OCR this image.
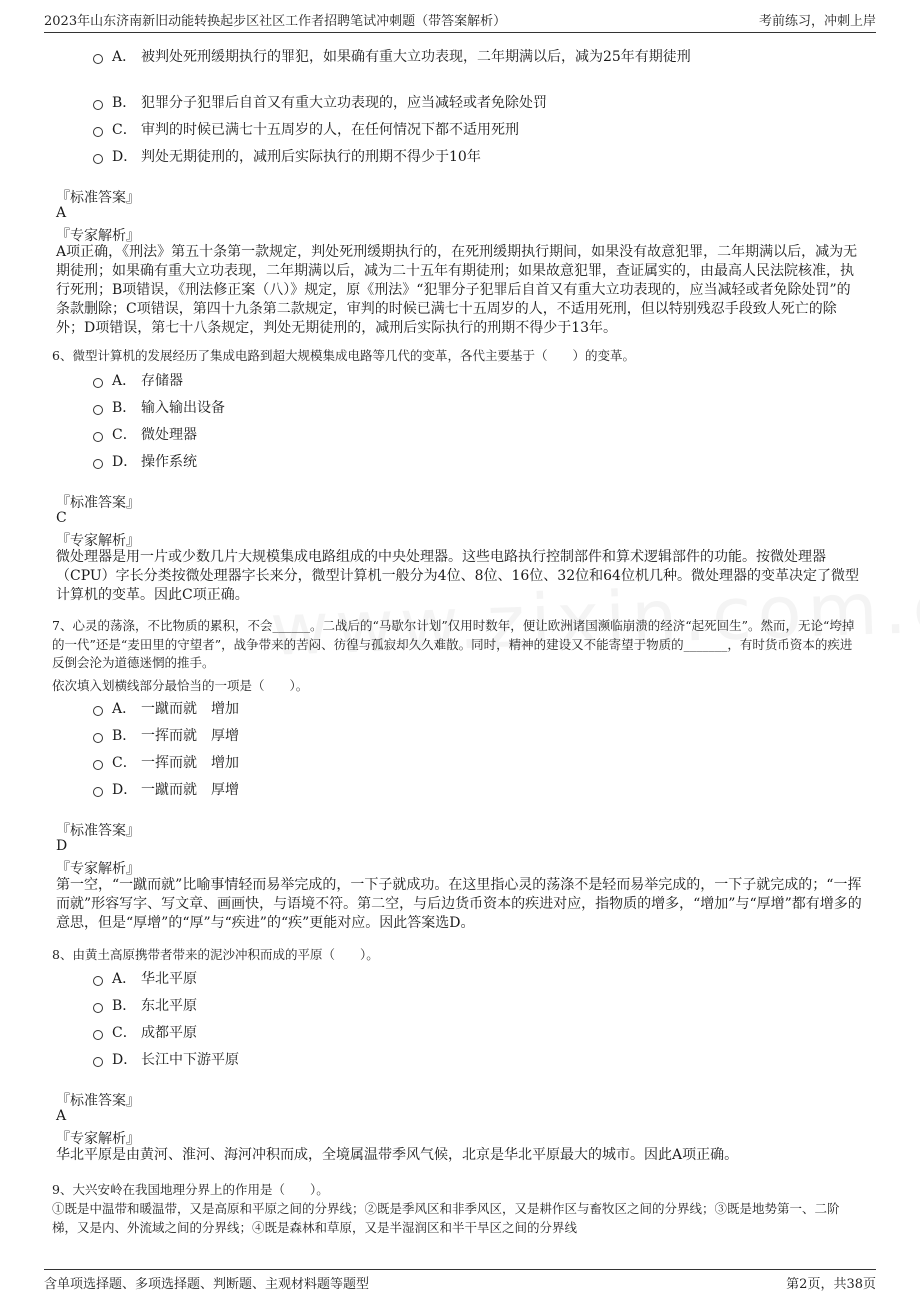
2023年山东济南新旧动能转换起步区社区工作者招聘笔试冲刺题（带答案解析）	考前练习，冲刺上岸
A． 被判处死刑缓期执行的罪犯，如果确有重大立功表现，二年期满以后，减为25年有期徒刑
B． 犯罪分子犯罪后自首又有重大立功表现的，应当减轻或者免除处罚
C． 审判的时候已满七十五周岁的人，在任何情况下都不适用死刑
D． 判处无期徒刑的，减刑后实际执行的刑期不得少于10年
『标准答案』
A
『专家解析』
A项正确，《刑法》第五十条第一款规定，判处死刑缓期执行的，在死刑缓期执行期间，如果没有故意犯罪，二年期满以后，减为无期徒刑；如果确有重大立功表现，二年期满以后，减为二十五年有期徒刑；如果故意犯罪，查证属实的，由最高人民法院核准，执行死刑；B项错误，《刑法修正案（八）》规定，原《刑法》“犯罪分子犯罪后自首又有重大立功表现的，应当减轻或者免除处罚”的条款删除；C项错误，第四十九条第二款规定，审判的时候已满七十五周岁的人，不适用死刑，但以特别残忍手段致人死亡的除外；D项错误，第七十八条规定，判处无期徒刑的，减刑后实际执行的刑期不得少于13年。
6、微型计算机的发展经历了集成电路到超大规模集成电路等几代的变革，各代主要基于（　　）的变革。
A． 存储器
B． 输入输出设备
C． 微处理器
D． 操作系统
『标准答案』
C
『专家解析』
微处理器是用一片或少数几片大规模集成电路组成的中央处理器。这些电路执行控制部件和算术逻辑部件的功能。按微处理器（CPU）字长分类按微处理器字长来分，微型计算机一般分为4位、8位、16位、32位和64位机几种。微处理器的变革决定了微型计算机的变革。因此C项正确。
7、心灵的荡涤，不比物质的累积，不会______。二战后的“马歇尔计划”仅用时数年，便让欧洲诸国濒临崩溃的经济“起死回生”。然而，无论“垮掉的一代”还是“麦田里的守望者”，战争带来的苦闷、彷徨与孤寂却久久难散。同时，精神的建设又不能寄望于物质的_______，有时货币资本的疾进反倒会沦为道德迷惘的推手。
依次填入划横线部分最恰当的一项是（　　）。
A． 一蹴而就　增加
B． 一挥而就　厚增
C． 一挥而就　增加
D． 一蹴而就　厚增
『标准答案』
D
『专家解析』
第一空，“一蹴而就”比喻事情轻而易举完成的，一下子就成功。在这里指心灵的荡涤不是轻而易举完成的，一下子就完成的；“一挥而就”形容写字、写文章、画画快，与语境不符。第二空，与后边货币资本的疾进对应，指物质的增多，“增加”与“厚增”都有增多的意思，但是“厚增”的“厚”与“疾进”的“疾”更能对应。因此答案选D。
8、由黄土高原携带者带来的泥沙冲积而成的平原（　　）。
A． 华北平原
B． 东北平原
C． 成都平原
D． 长江中下游平原
『标准答案』
A
『专家解析』
华北平原是由黄河、淮河、海河冲积而成，全境属温带季风气候，北京是华北平原最大的城市。因此A项正确。
9、大兴安岭在我国地理分界上的作用是（　　）。
①既是中温带和暖温带，又是高原和平原之间的分界线；②既是季风区和非季风区，又是耕作区与畜牧区之间的分界线；③既是地势第一、二阶梯，又是内、外流域之间的分界线；④既是森林和草原，又是半湿润区和半干旱区之间的分界线
含单项选择题、多项选择题、判断题、主观材料题等题型	第2页，共38页
